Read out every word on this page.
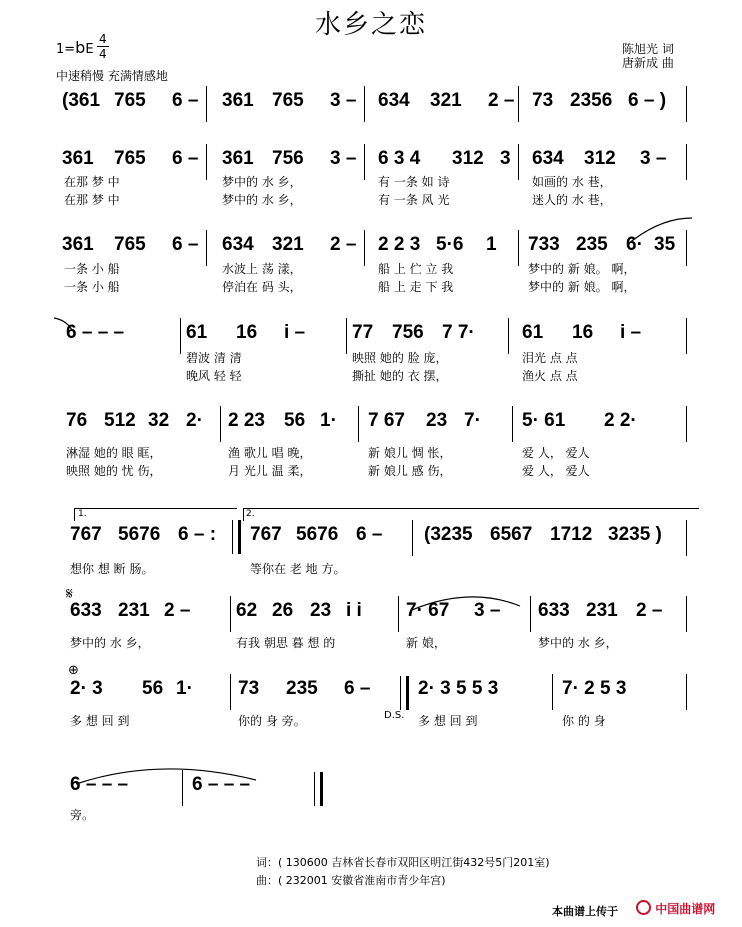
水乡之恋
$1=bE \frac{4}{4}$
中速稍慢 充满情感地
陈旭光 词
唐新成 曲
(361 765 6 – 361 765 3 – 634 321 2 – 73 2356 6 – )
361 765 6 – 361 756 3 – 6 3 4 312 3 634 312 3 –
在那 梦 中	梦中的 水 乡，	有 一条 如 诗	如画的 水 巷，
在那 梦 中	梦中的 水 乡，	有 一条 风 光	迷人的 水 巷，
361 765 6 – 634 321 2 – 2 2 3 5·6 1 733 235 6· 35
一条 小 船	水波上 荡 漾，	船 上 伫 立 我	梦中的 新 娘。 啊，
一条 小 船	停泊在 码 头，	船 上 走 下 我	梦中的 新 娘。 啊，
6 – – –	61 16 i – 77 756 7 7· 61 16 i –
碧波 清 清	映照 她的 脸 庞，	泪光 点 点
晚风 轻 轻	撕扯 她的 衣 摆，	渔火 点 点
76 512 32 2· 2 23 56 1· 7 67 23 7· 5· 61 2 2·
淋湿 她的 眼 眶，	渔 歌儿 唱 晚，	新 娘儿 惆 怅，	爱 人， 爱人
映照 她的 忧 伤，	月 光儿 温 柔，	新 娘儿 感 伤，	爱 人， 爱人
767 5676 6 – : 767 5676 6 – (3235 6567 1712 3235 )
想你 想 断 肠。	等你在 老 地 方。
633 231 2 – 62 26 23 i i 7· 67 3 – 633 231 2 –
梦中的 水 乡，	有我 朝思 暮 想 的	新 娘，	梦中的 水 乡，
2· 3 56 1· 73 235 6 –	2· 3 5 5 3	7· 2 5 3
多 想 回 到	你的 身 旁。	多 想 回 到	你 的 身
6 – – –	6 – – –
旁。
1.	2.
𝄋
⊕
D.S.
词：( 130600 吉林省长春市双阳区明江街432号5门201室)
曲：( 232001 安徽省淮南市青少年宫)
本曲谱上传于	中国曲谱网
